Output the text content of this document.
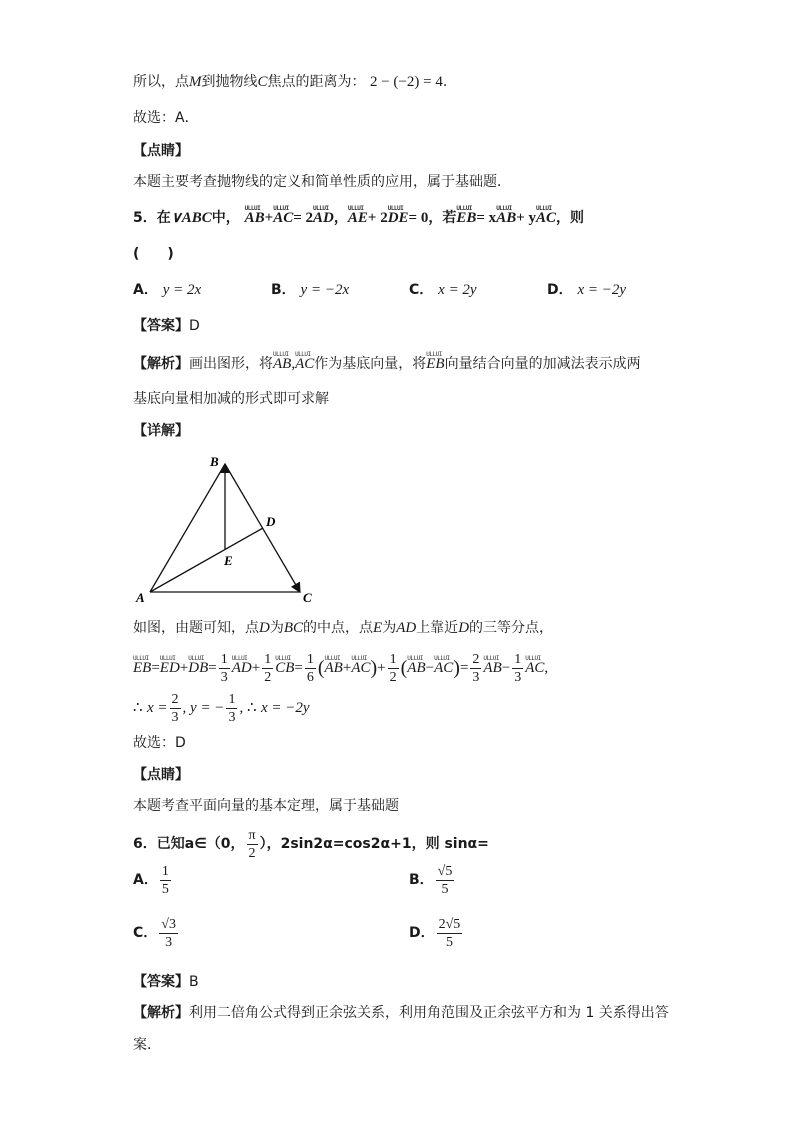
所以，点M到抛物线C焦点的距离为： 2 − (−2) = 4.
故选：A．
【点睛】
本题主要考查抛物线的定义和简单性质的应用，属于基础题．
5．在∨ABC中， ULLUI AB+ULLUI AC= 2ULLUI AD，ULLUI AE+ 2ULLUI DE= 0，若ULLUI EB= xULLUI AB+ yULLUI AC，则
(　　)
A． y = 2x	B． y = −2x	C． x = 2y	D． x = −2y
【答案】D
【解析】画出图形，将ULLUI AB,ULLUI AC作为基底向量，将ULLUI EB向量结合向量的加减法表示成两
基底向量相加减的形式即可求解
【详解】
B
D
E
A	C
如图，由题可知，点D为BC的中点，点E为AD上靠近D的三等分点，
ULLUI EB=ULLUI ED+ULLUI $DB= \frac{1}{3}$ ULLUI $AD+ \frac{1}{2}$ ULLUI $CB= \frac{1}{6}$ (ULLUI AB+ULLUI $AC)+ \frac{1}{2}$ (ULLUI AB−ULLUI $AC)= \frac{2}{3}$ ULLUI $AB- \frac{1}{3}$ ULLUI AC,
∴ $x = \frac{2}{3}$ , y = − $\frac{1}{3}$ , ∴ x = −2y
故选：D
【点睛】
本题考查平面向量的基本定理，属于基础题
6．已知a∈（0， $\frac{\pi}{2}$ ），2sin2α=cos2α+1，则 sinα=
A． $\frac{1}{5}$	B． $\frac{√5}{5}$
C． $\frac{√3}{3}$	D． $\frac{2√5}{5}$
【答案】B
【解析】利用二倍角公式得到正余弦关系，利用角范围及正余弦平方和为 1 关系得出答
案．
